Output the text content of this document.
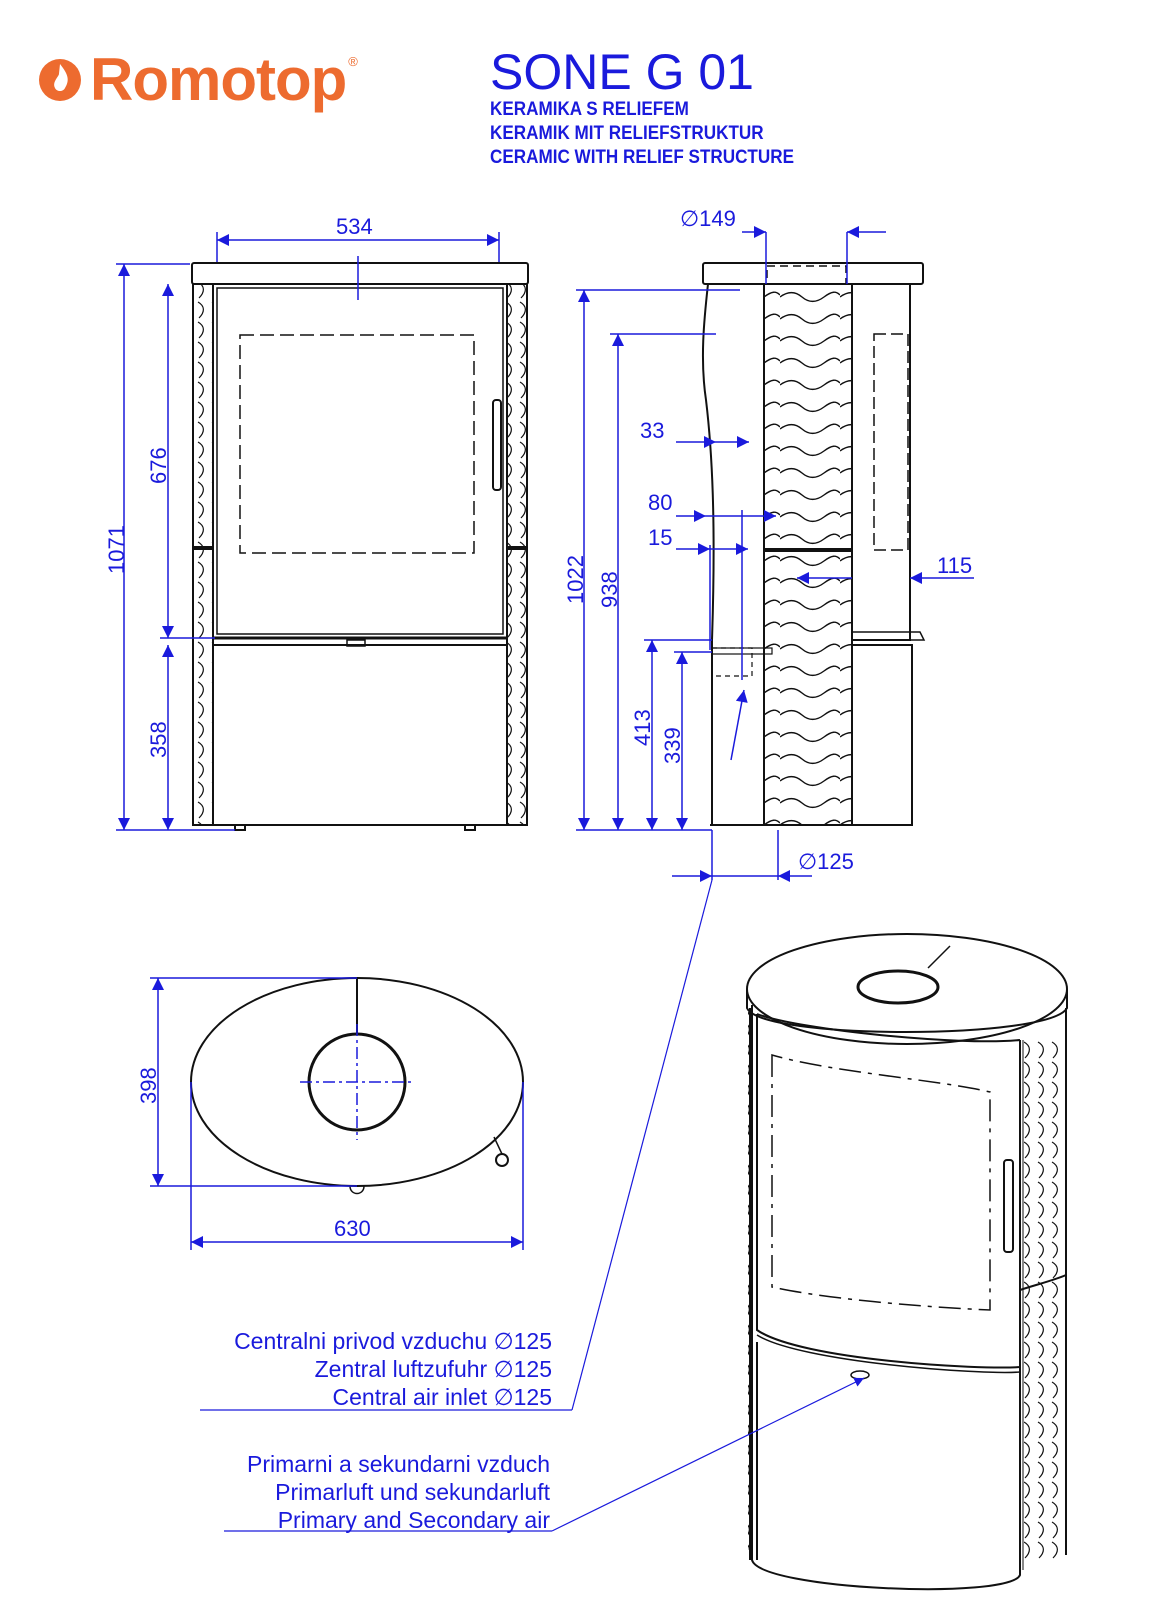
Romotop ®	SONE G 01
KERAMIKA S RELIEFEM
KERAMIK MIT RELIEFSTRUKTUR
CERAMIC WITH RELIEF STRUCTURE
534
1071
676
358
∅149
1022 938
33
80
15
115
413 339
∅125
398
630
Centralni privod vzduchu ∅125
Zentral luftzufuhr ∅125
Central air inlet ∅125
Primarni a sekundarni vzduch
Primarluft und sekundarluft
Primary and Secondary air
